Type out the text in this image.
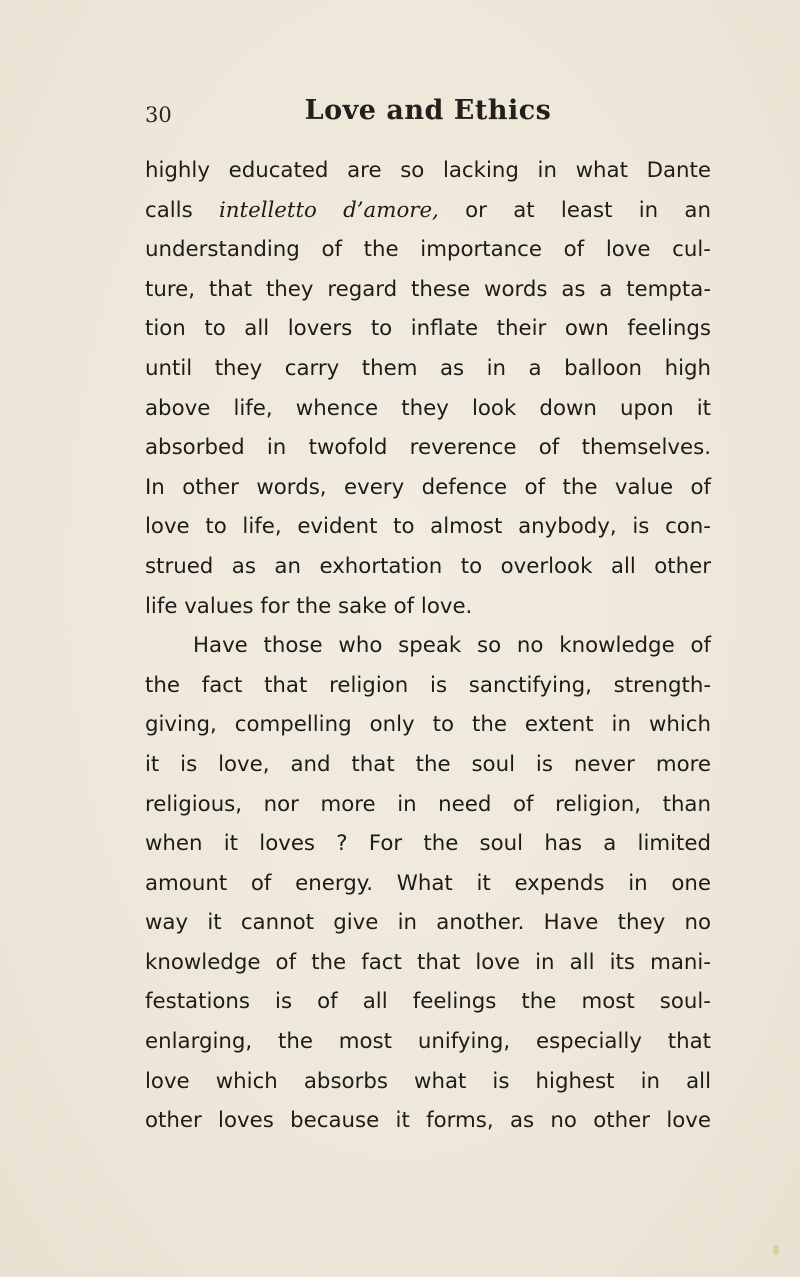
30	Love and Ethics
highly educated are so lacking in what Dante
calls intelletto d’amore, or at least in an
understanding of the importance of love cul-
ture, that they regard these words as a tempta-
tion to all lovers to inflate their own feelings
until they carry them as in a balloon high
above life, whence they look down upon it
absorbed in twofold reverence of themselves.
In other words, every defence of the value of
love to life, evident to almost anybody, is con-
strued as an exhortation to overlook all other
life values for the sake of love.
Have those who speak so no knowledge of
the fact that religion is sanctifying, strength-
giving, compelling only to the extent in which
it is love, and that the soul is never more
religious, nor more in need of religion, than
when it loves ? For the soul has a limited
amount of energy. What it expends in one
way it cannot give in another. Have they no
knowledge of the fact that love in all its mani-
festations is of all feelings the most soul-
enlarging, the most unifying, especially that
love which absorbs what is highest in all
other loves because it forms, as no other love
